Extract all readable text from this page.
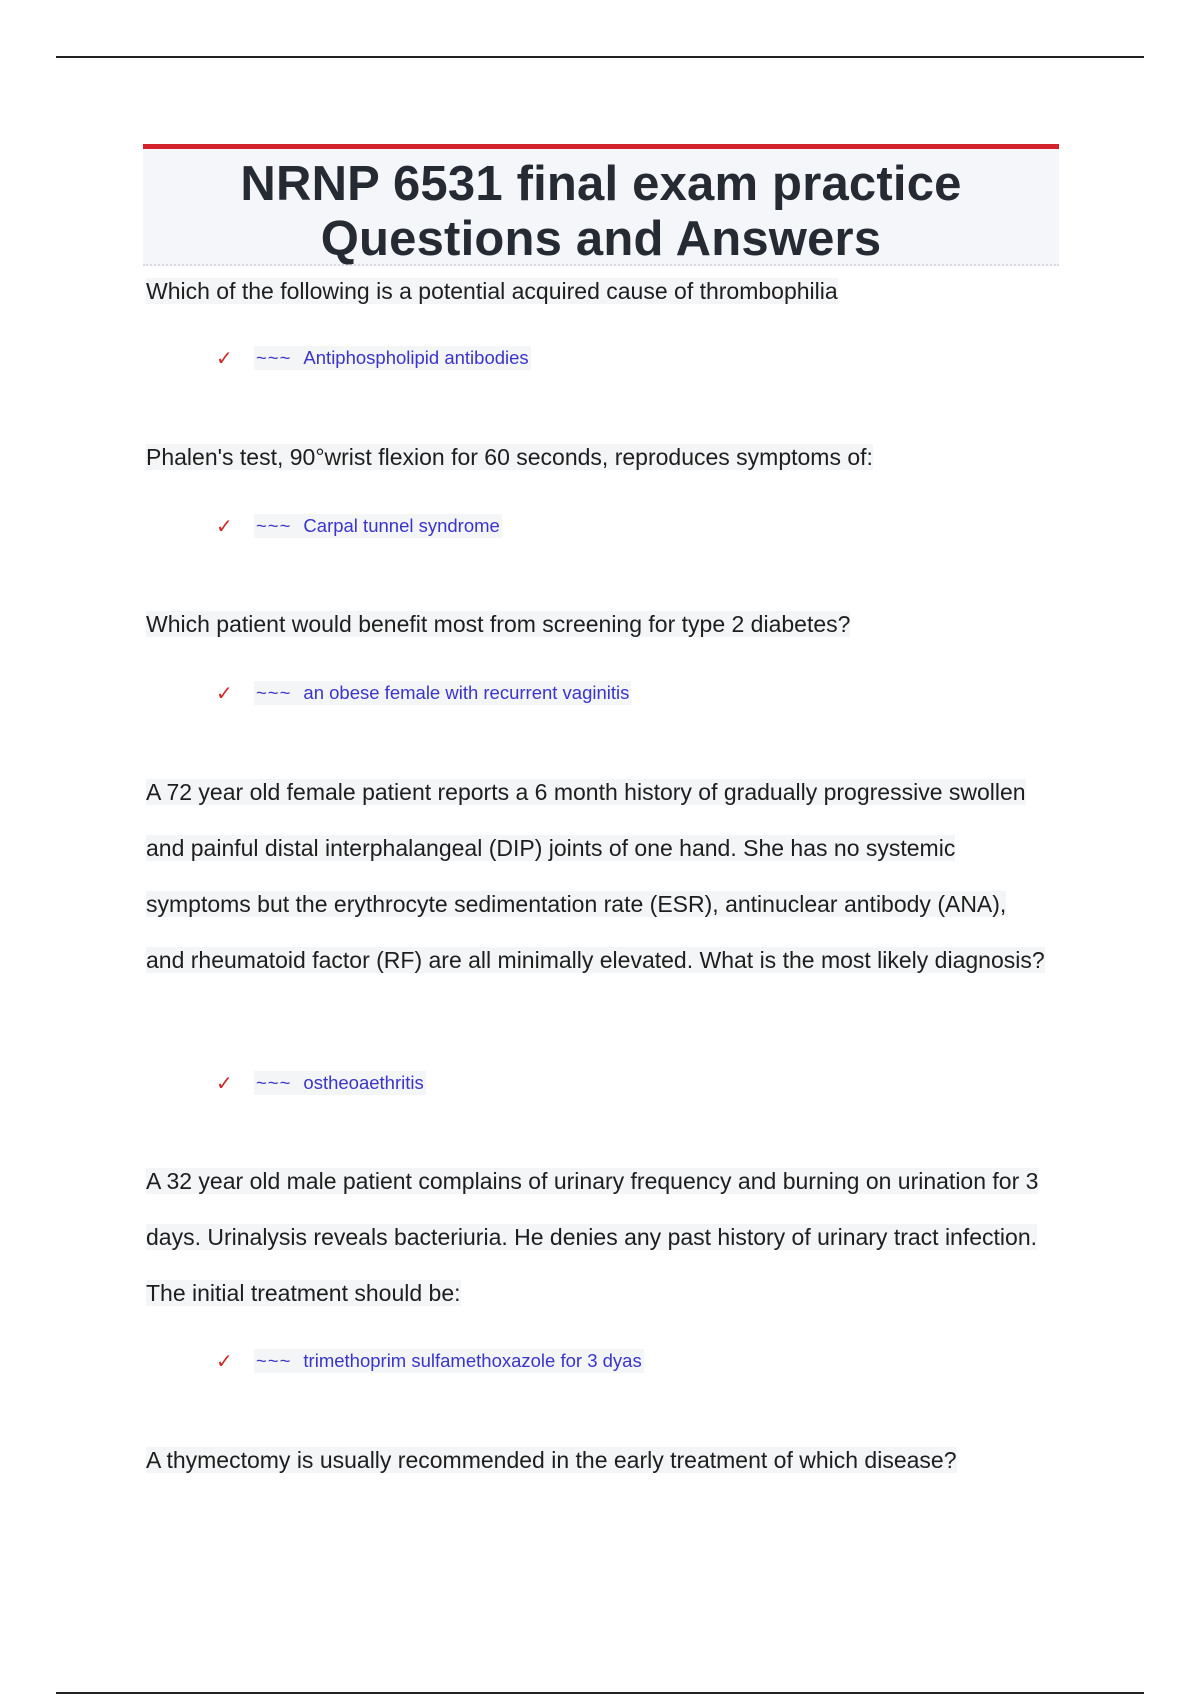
NRNP 6531 final exam practice
Questions and Answers
Which of the following is a potential acquired cause of thrombophilia
✓	~~~ Antiphospholipid antibodies
Phalen's test, 90°wrist flexion for 60 seconds, reproduces symptoms of:
✓	~~~ Carpal tunnel syndrome
Which patient would benefit most from screening for type 2 diabetes?
✓	~~~ an obese female with recurrent vaginitis
A 72 year old female patient reports a 6 month history of gradually progressive swollen and painful distal interphalangeal (DIP) joints of one hand. She has no systemic symptoms but the erythrocyte sedimentation rate (ESR), antinuclear antibody (ANA), and rheumatoid factor (RF) are all minimally elevated. What is the most likely diagnosis?
✓	~~~ ostheoaethritis
A 32 year old male patient complains of urinary frequency and burning on urination for 3 days. Urinalysis reveals bacteriuria. He denies any past history of urinary tract infection. The initial treatment should be:
✓	~~~ trimethoprim sulfamethoxazole for 3 dyas
A thymectomy is usually recommended in the early treatment of which disease?
